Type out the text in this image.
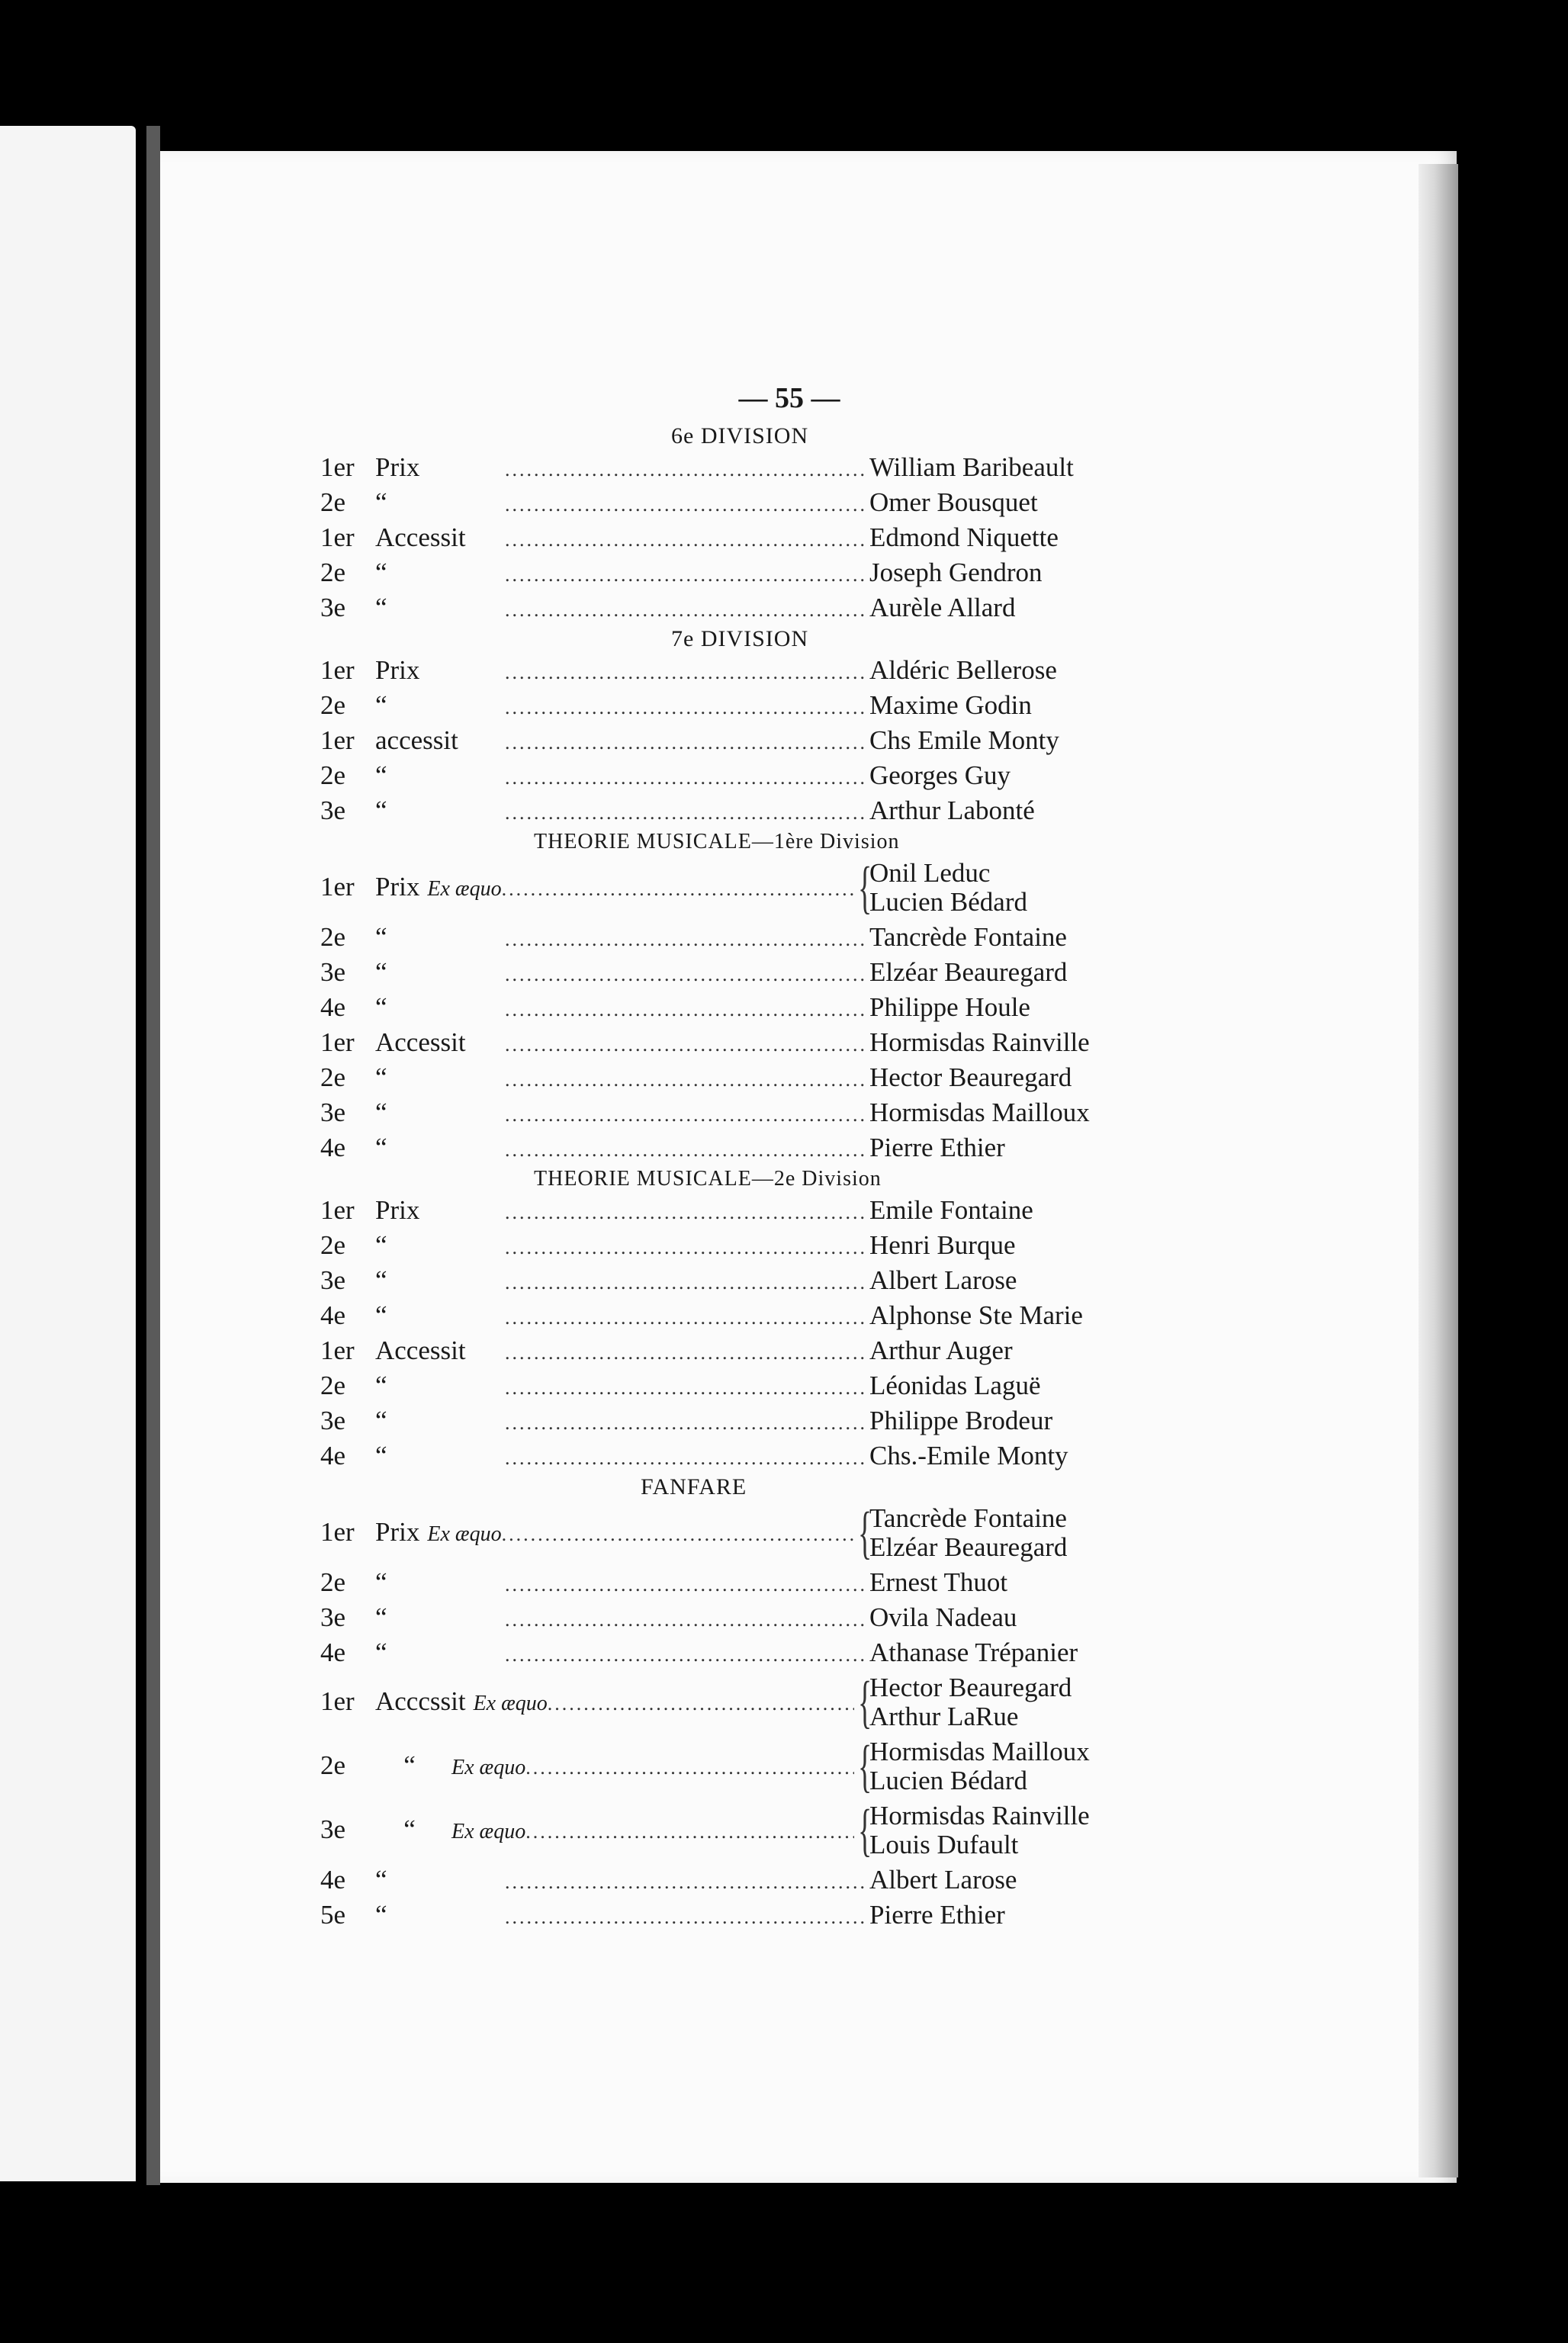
— 55 —
6e DIVISION
1er Prix .....	William Baribeault
2e	“ .....	Omer Bousquet
1er Accessit .....	Edmond Niquette
2e	“ .....	Joseph Gendron
3e	“ .....	Aurèle Allard
7e DIVISION
1er Prix .....	Aldéric Bellerose
2e	“ .....	Maxime Godin
1er accessit .....	Chs Emile Monty
2e	“ .....	Georges Guy
3e	“ .....	Arthur Labonté
THEORIE MUSICALE—1ère Division
1er Prix Ex æquo .....	{
Onil Leduc
Lucien Bédard
2e	“ .....	Tancrède Fontaine
3e	“ .....	Elzéar Beauregard
4e	“ .....	Philippe Houle
1er Accessit .....	Hormisdas Rainville
2e	“ .....	Hector Beauregard
3e	“ .....	Hormisdas Mailloux
4e	“ .....	Pierre Ethier
THEORIE MUSICALE—2e Division
1er Prix .....	Emile Fontaine
2e	“ .....	Henri Burque
3e	“ .....	Albert Larose
4e	“ .....	Alphonse Ste Marie
1er Accessit .....	Arthur Auger
2e	“ .....	Léonidas Laguë
3e	“ .....	Philippe Brodeur
4e	“ .....	Chs.-Emile Monty
FANFARE
1er Prix Ex æquo .....	{
Tancrède Fontaine
Elzéar Beauregard
2e	“ .....	Ernest Thuot
3e	“ .....	Ovila Nadeau
4e	“ .....	Athanase Trépanier
1er Acccssit Ex æquo .....	{
Hector Beauregard
Arthur LaRue
2e	“	Ex æquo .....	{
Hormisdas Mailloux
Lucien Bédard
3e	“	Ex æquo .....	{
Hormisdas Rainville
Louis Dufault
4e	“ .....	Albert Larose
5e	“ .....	Pierre Ethier
